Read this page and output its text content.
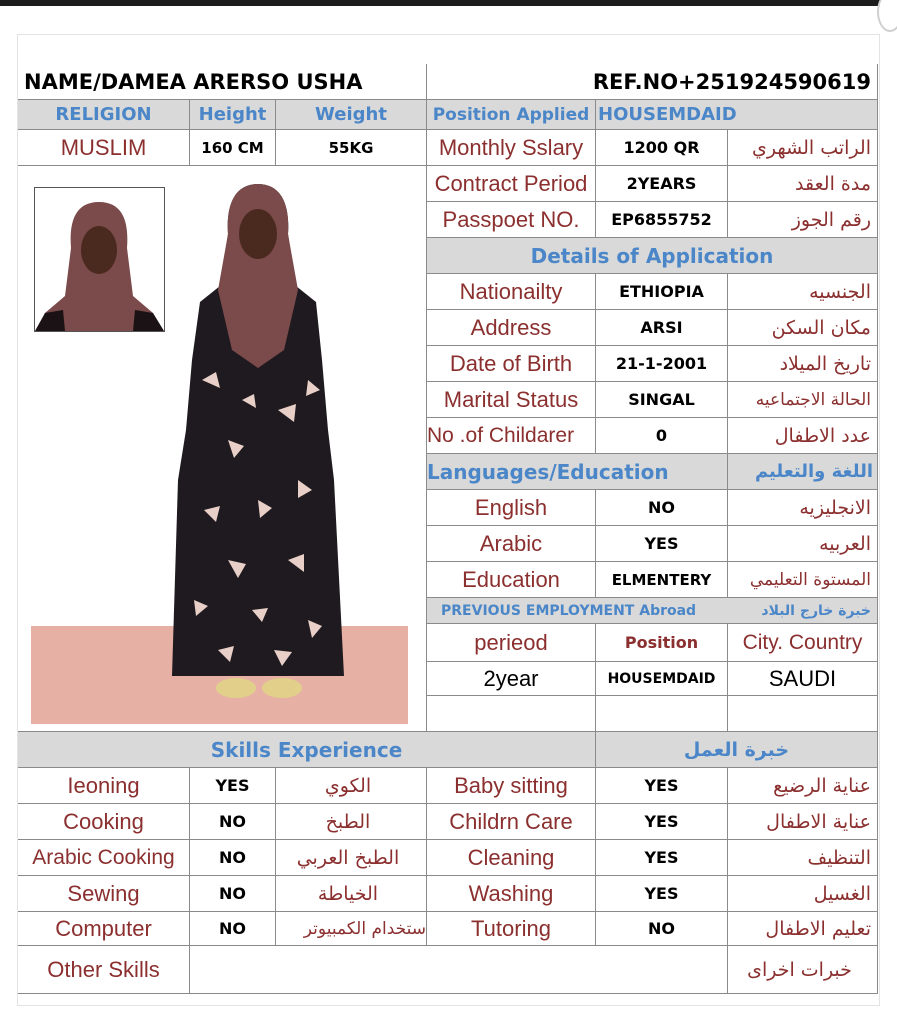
NAME/DAMEA ARERSO USHA	REF.NO+251924590619
RELIGION	Height	Weight	Position Applied HOUSEMDAID
MUSLIM	160 CM	55KG	Monthly Sslary	1200 QR	الراتب الشهري
Contract Period	2YEARS	مدة العقد
Passpoet NO.	EP6855752	رقم الجوز
Details of Application
Nationailty	ETHIOPIA	الجنسيه
Address	ARSI	مكان السكن
Date of Birth	21-1-2001	تاريخ الميلاد
Marital Status	SINGAL	الحالة الاجتماعيه
No .of Childarer	0	عدد الاطفال
Languages/Education	اللغة والتعليم
English	NO	الانجليزيه
Arabic	YES	العربيه
Education	ELMENTERY	المستوة التعليمي
PREVIOUS EMPLOYMENT Abroad	خبرة خارج البلاد
perieod	Position	City. Country
2year	HOUSEMDAID	SAUDI
Skills Experience	خبرة العمل
Ieoning	YES	الكوي	Baby sitting	YES	عناية الرضيع
Cooking	NO	الطبخ	Childrn Care	YES	عناية الاطفال
Arabic Cooking	NO	الطبخ العربي	Cleaning	YES	التنظيف
Sewing	NO	الخياطة	Washing	YES	الغسيل
Computer	NO	ستخدام الكمبيوتر	Tutoring	NO	تعليم الاطفال
Other Skills	خبرات اخراى
